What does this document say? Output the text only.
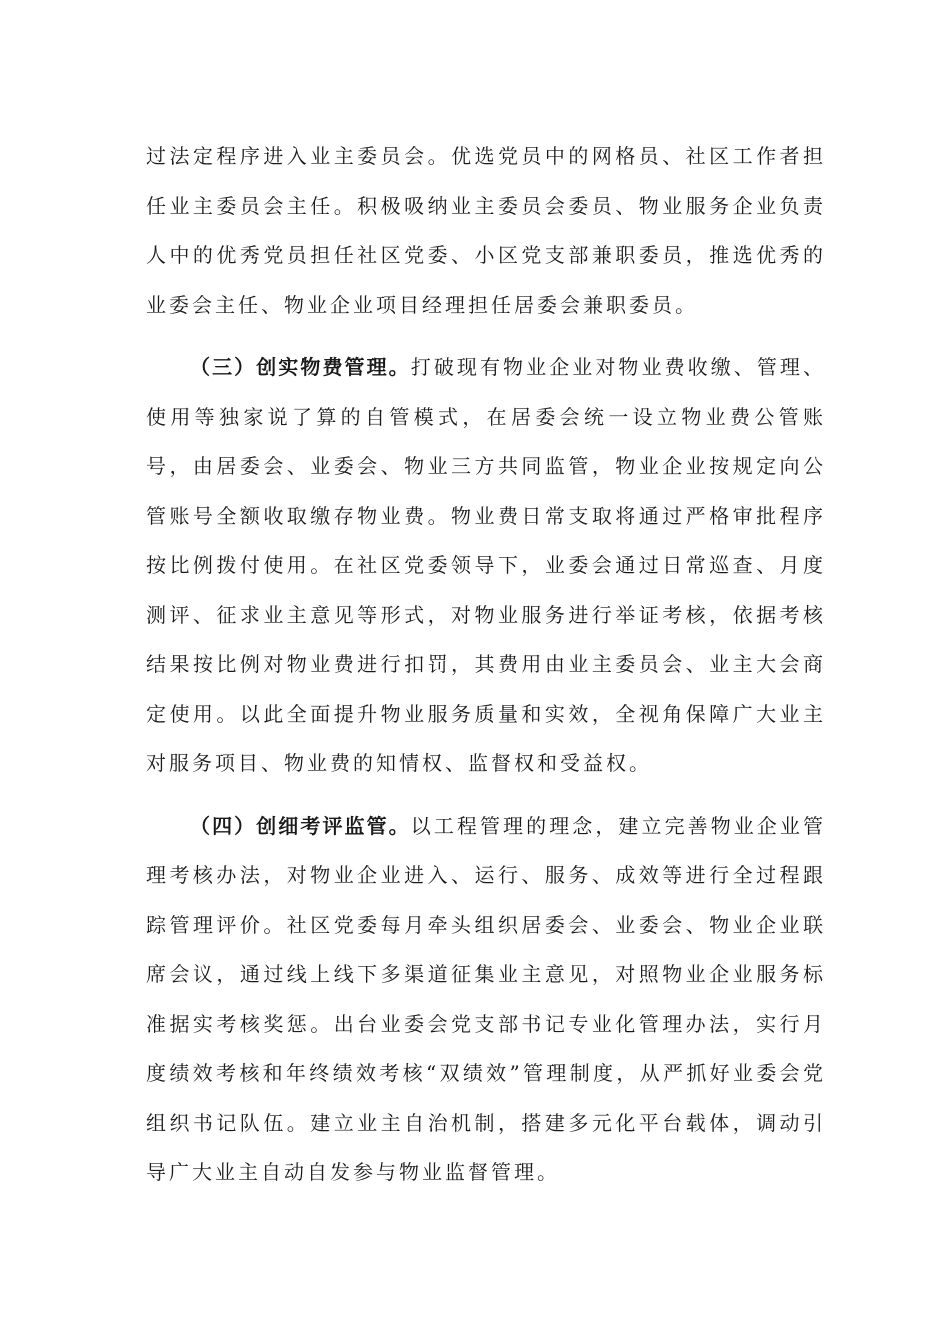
过法定程序进入业主委员会。优选党员中的网格员、社区工作者担任业主委员会主任。积极吸纳业主委员会委员、物业服务企业负责人中的优秀党员担任社区党委、小区党支部兼职委员，推选优秀的业委会主任、物业企业项目经理担任居委会兼职委员。

（三）创实物费管理。打破现有物业企业对物业费收缴、管理、使用等独家说了算的自管模式，在居委会统一设立物业费公管账号，由居委会、业委会、物业三方共同监管，物业企业按规定向公管账号全额收取缴存物业费。物业费日常支取将通过严格审批程序按比例拨付使用。在社区党委领导下，业委会通过日常巡查、月度测评、征求业主意见等形式，对物业服务进行举证考核，依据考核结果按比例对物业费进行扣罚，其费用由业主委员会、业主大会商定使用。以此全面提升物业服务质量和实效，全视角保障广大业主对服务项目、物业费的知情权、监督权和受益权。

（四）创细考评监管。以工程管理的理念，建立完善物业企业管理考核办法，对物业企业进入、运行、服务、成效等进行全过程跟踪管理评价。社区党委每月牵头组织居委会、业委会、物业企业联席会议，通过线上线下多渠道征集业主意见，对照物业企业服务标准据实考核奖惩。出台业委会党支部书记专业化管理办法，实行月度绩效考核和年终绩效考核“双绩效”管理制度，从严抓好业委会党组织书记队伍。建立业主自治机制，搭建多元化平台载体，调动引导广大业主自动自发参与物业监督管理。
